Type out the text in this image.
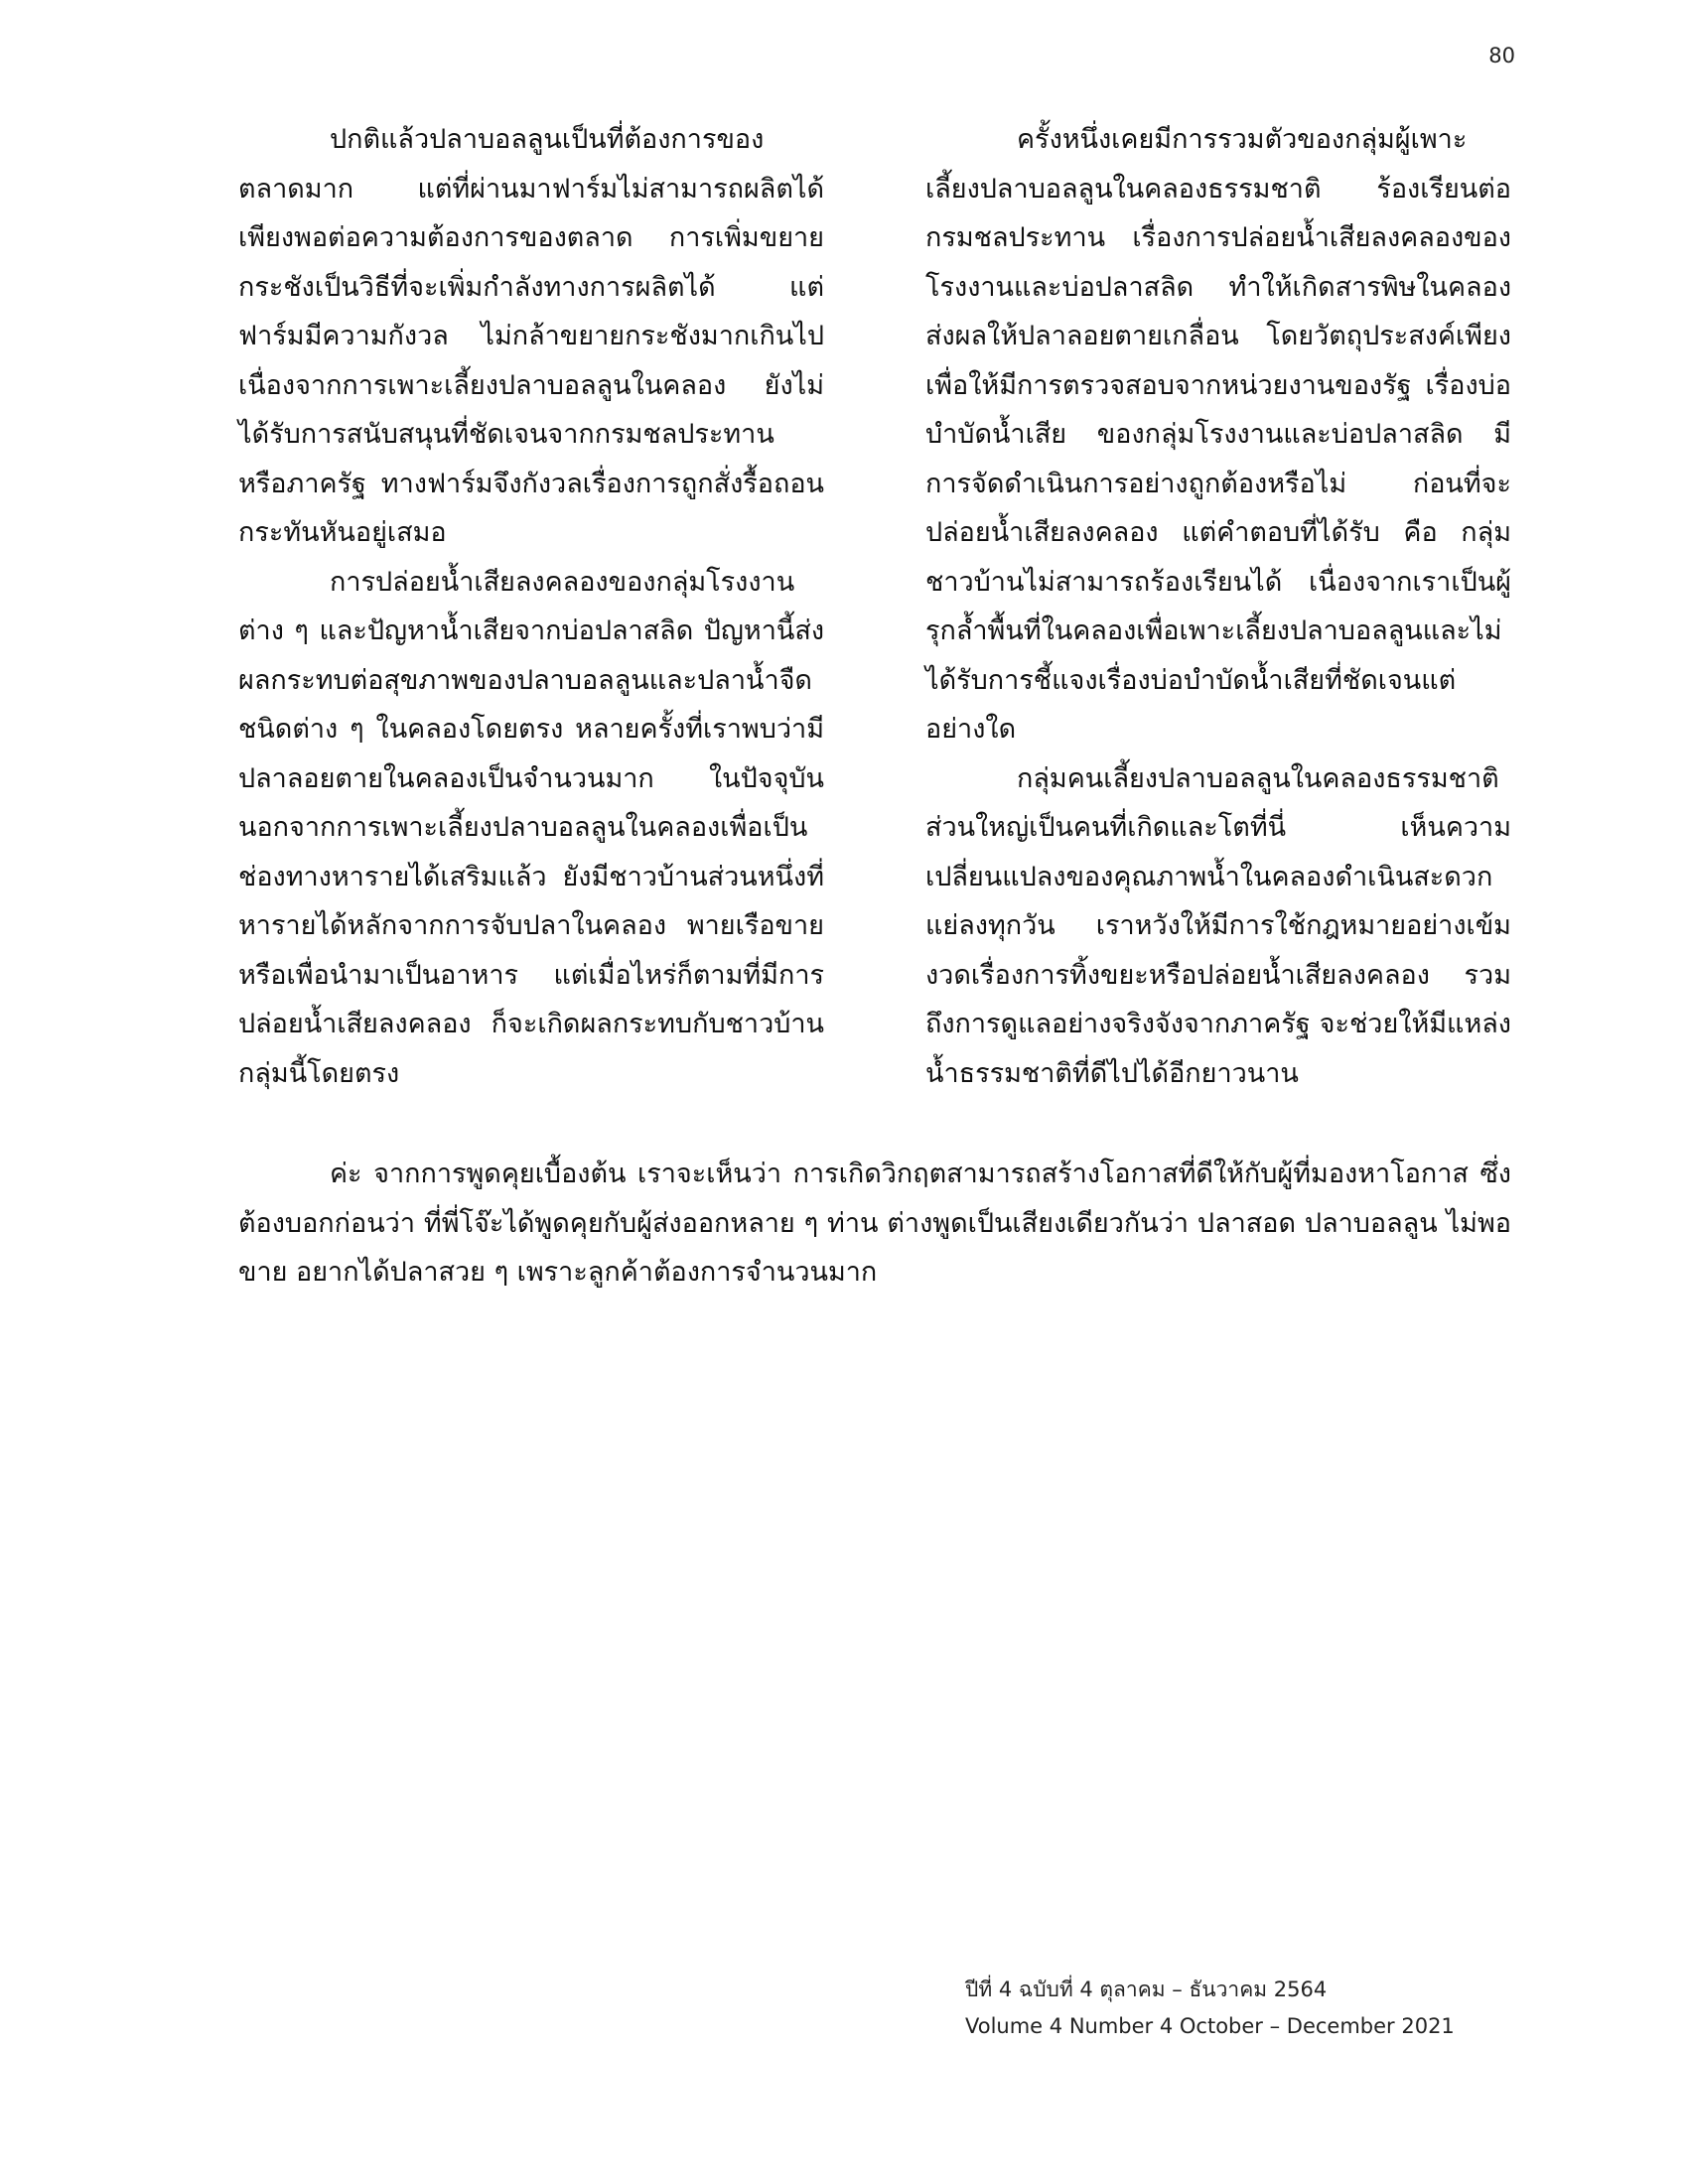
80

ปกติแล้วปลาบอลลูนเป็นที่ต้องการของตลาดมาก แต่ที่ผ่านมาฟาร์มไม่สามารถผลิตได้เพียงพอต่อความต้องการของตลาด การเพิ่มขยายกระชังเป็นวิธีที่จะเพิ่มกำลังทางการผลิตได้ แต่ฟาร์มมีความกังวล ไม่กล้าขยายกระชังมากเกินไป เนื่องจากการเพาะเลี้ยงปลาบอลลูนในคลอง ยังไม่ได้รับการสนับสนุนที่ชัดเจนจากกรมชลประทาน หรือภาครัฐ ทางฟาร์มจึงกังวลเรื่องการถูกสั่งรื้อถอนกระทันหันอยู่เสมอ

การปล่อยน้ำเสียลงคลองของกลุ่มโรงงานต่าง ๆ และปัญหาน้ำเสียจากบ่อปลาสลิด ปัญหานี้ส่งผลกระทบต่อสุขภาพของปลาบอลลูนและปลาน้ำจืดชนิดต่าง ๆ ในคลองโดยตรง หลายครั้งที่เราพบว่ามีปลาลอยตายในคลองเป็นจำนวนมาก ในปัจจุบันนอกจากการเพาะเลี้ยงปลาบอลลูนในคลองเพื่อเป็นช่องทางหารายได้เสริมแล้ว ยังมีชาวบ้านส่วนหนึ่งที่หารายได้หลักจากการจับปลาในคลอง พายเรือขาย หรือเพื่อนำมาเป็นอาหาร แต่เมื่อไหร่ก็ตามที่มีการปล่อยน้ำเสียลงคลอง ก็จะเกิดผลกระทบกับชาวบ้านกลุ่มนี้โดยตรง

ครั้งหนึ่งเคยมีการรวมตัวของกลุ่มผู้เพาะเลี้ยงปลาบอลลูนในคลองธรรมชาติ ร้องเรียนต่อกรมชลประทาน เรื่องการปล่อยน้ำเสียลงคลองของโรงงานและบ่อปลาสลิด ทำให้เกิดสารพิษในคลอง ส่งผลให้ปลาลอยตายเกลื่อน โดยวัตถุประสงค์เพียงเพื่อให้มีการตรวจสอบจากหน่วยงานของรัฐ เรื่องบ่อบำบัดน้ำเสีย ของกลุ่มโรงงานและบ่อปลาสลิด มีการจัดดำเนินการอย่างถูกต้องหรือไม่ ก่อนที่จะปล่อยน้ำเสียลงคลอง แต่คำตอบที่ได้รับ คือ กลุ่มชาวบ้านไม่สามารถร้องเรียนได้ เนื่องจากเราเป็นผู้รุกล้ำพื้นที่ในคลองเพื่อเพาะเลี้ยงปลาบอลลูนและไม่ได้รับการชี้แจงเรื่องบ่อบำบัดน้ำเสียที่ชัดเจนแต่อย่างใด

กลุ่มคนเลี้ยงปลาบอลลูนในคลองธรรมชาติ ส่วนใหญ่เป็นคนที่เกิดและโตที่นี่ เห็นความเปลี่ยนแปลงของคุณภาพน้ำในคลองดำเนินสะดวกแย่ลงทุกวัน เราหวังให้มีการใช้กฎหมายอย่างเข้มงวดเรื่องการทิ้งขยะหรือปล่อยน้ำเสียลงคลอง รวมถึงการดูแลอย่างจริงจังจากภาครัฐ จะช่วยให้มีแหล่งน้ำธรรมชาติที่ดีไปได้อีกยาวนาน

ค่ะ จากการพูดคุยเบื้องต้น เราจะเห็นว่า การเกิดวิกฤตสามารถสร้างโอกาสที่ดีให้กับผู้ที่มองหาโอกาส ซึ่งต้องบอกก่อนว่า ที่พี่โจ๊ะได้พูดคุยกับผู้ส่งออกหลาย ๆ ท่าน ต่างพูดเป็นเสียงเดียวกันว่า ปลาสอด ปลาบอลลูน ไม่พอขาย อยากได้ปลาสวย ๆ เพราะลูกค้าต้องการจำนวนมาก

ปีที่ 4 ฉบับที่ 4 ตุลาคม – ธันวาคม 2564
Volume 4 Number 4 October – December 2021
